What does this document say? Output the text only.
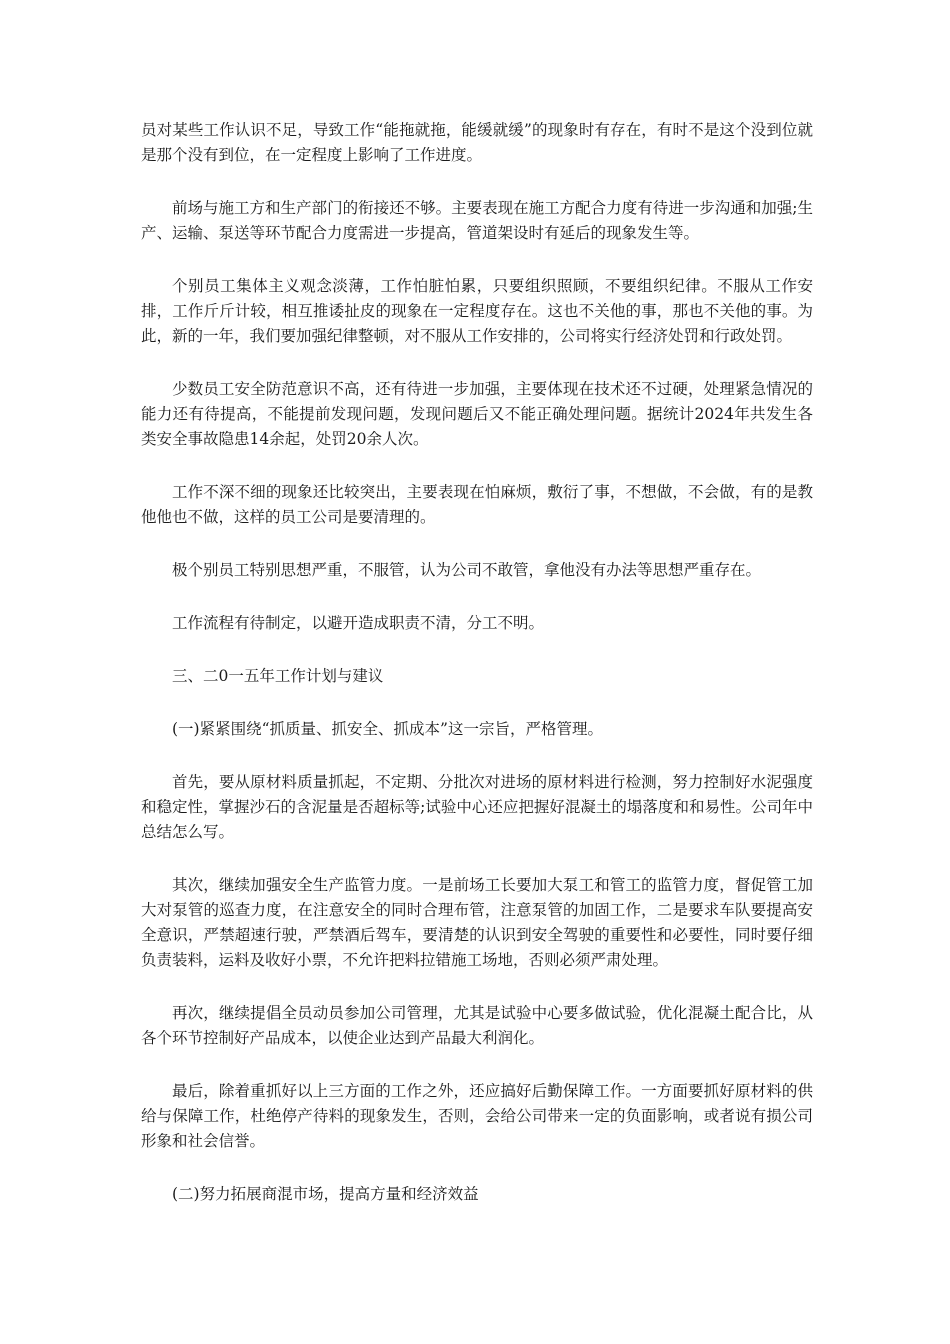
员对某些工作认识不足，导致工作“能拖就拖，能缓就缓”的现象时有存在，有时不是这个没到位就是那个没有到位，在一定程度上影响了工作进度。

前场与施工方和生产部门的衔接还不够。主要表现在施工方配合力度有待进一步沟通和加强;生产、运输、泵送等环节配合力度需进一步提高，管道架设时有延后的现象发生等。

个别员工集体主义观念淡薄，工作怕脏怕累，只要组织照顾，不要组织纪律。不服从工作安排，工作斤斤计较，相互推诿扯皮的现象在一定程度存在。这也不关他的事，那也不关他的事。为此，新的一年，我们要加强纪律整顿，对不服从工作安排的，公司将实行经济处罚和行政处罚。

少数员工安全防范意识不高，还有待进一步加强，主要体现在技术还不过硬，处理紧急情况的能力还有待提高，不能提前发现问题，发现问题后又不能正确处理问题。据统计2024年共发生各类安全事故隐患14余起，处罚20余人次。

工作不深不细的现象还比较突出，主要表现在怕麻烦，敷衍了事，不想做，不会做，有的是教他他也不做，这样的员工公司是要清理的。

极个别员工特别思想严重，不服管，认为公司不敢管，拿他没有办法等思想严重存在。

工作流程有待制定，以避开造成职责不清，分工不明。

三、二0一五年工作计划与建议

(一)紧紧围绕“抓质量、抓安全、抓成本”这一宗旨，严格管理。

首先，要从原材料质量抓起，不定期、分批次对进场的原材料进行检测，努力控制好水泥强度和稳定性，掌握沙石的含泥量是否超标等;试验中心还应把握好混凝土的塌落度和和易性。公司年中总结怎么写。

其次，继续加强安全生产监管力度。一是前场工长要加大泵工和管工的监管力度，督促管工加大对泵管的巡查力度，在注意安全的同时合理布管，注意泵管的加固工作，二是要求车队要提高安全意识，严禁超速行驶，严禁酒后驾车，要清楚的认识到安全驾驶的重要性和必要性，同时要仔细负责装料，运料及收好小票，不允许把料拉错施工场地，否则必须严肃处理。

再次，继续提倡全员动员参加公司管理，尤其是试验中心要多做试验，优化混凝土配合比，从各个环节控制好产品成本，以使企业达到产品最大利润化。

最后，除着重抓好以上三方面的工作之外，还应搞好后勤保障工作。一方面要抓好原材料的供给与保障工作，杜绝停产待料的现象发生，否则，会给公司带来一定的负面影响，或者说有损公司形象和社会信誉。

(二)努力拓展商混市场，提高方量和经济效益
